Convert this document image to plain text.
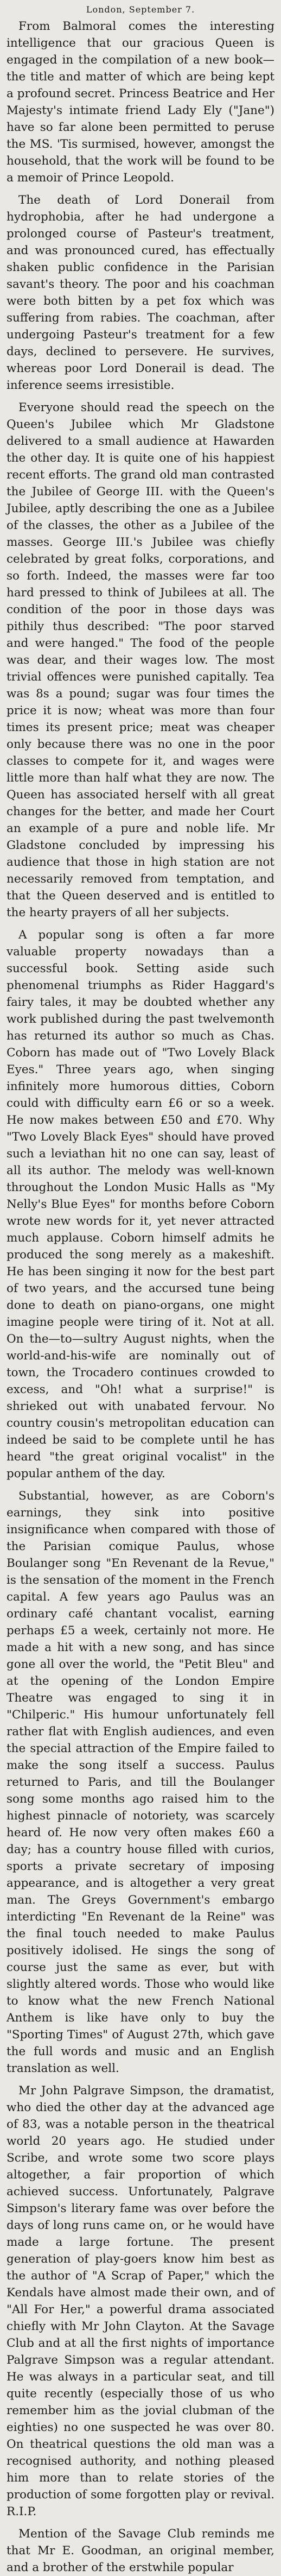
London, September 7.

From Balmoral comes the interesting intelligence that our gracious Queen is engaged in the compilation of a new book—the title and matter of which are being kept a profound secret. Princess Beatrice and Her Majesty's intimate friend Lady Ely ("Jane") have so far alone been permitted to peruse the MS. 'Tis surmised, however, amongst the household, that the work will be found to be a memoir of Prince Leopold.

The death of Lord Donerail from hydrophobia, after he had undergone a prolonged course of Pasteur's treatment, and was pronounced cured, has effectually shaken public confidence in the Parisian savant's theory. The poor and his coachman were both bitten by a pet fox which was suffering from rabies. The coachman, after undergoing Pasteur's treatment for a few days, declined to persevere. He survives, whereas poor Lord Donerail is dead. The inference seems irresistible.

Everyone should read the speech on the Queen's Jubilee which Mr Gladstone delivered to a small audience at Hawarden the other day. It is quite one of his happiest recent efforts. The grand old man contrasted the Jubilee of George III. with the Queen's Jubilee, aptly describing the one as a Jubilee of the classes, the other as a Jubilee of the masses. George III.'s Jubilee was chiefly celebrated by great folks, corporations, and so forth. Indeed, the masses were far too hard pressed to think of Jubilees at all. The condition of the poor in those days was pithily thus described: "The poor starved and were hanged." The food of the people was dear, and their wages low. The most trivial offences were punished capitally. Tea was 8s a pound; sugar was four times the price it is now; wheat was more than four times its present price; meat was cheaper only because there was no one in the poor classes to compete for it, and wages were little more than half what they are now. The Queen has associated herself with all great changes for the better, and made her Court an example of a pure and noble life. Mr Gladstone concluded by impressing his audience that those in high station are not necessarily removed from temptation, and that the Queen deserved and is entitled to the hearty prayers of all her subjects.

A popular song is often a far more valuable property nowadays than a successful book. Setting aside such phenomenal triumphs as Rider Haggard's fairy tales, it may be doubted whether any work published during the past twelvemonth has returned its author so much as Chas. Coborn has made out of "Two Lovely Black Eyes." Three years ago, when singing infinitely more humorous ditties, Coborn could with difficulty earn £6 or so a week. He now makes between £50 and £70. Why "Two Lovely Black Eyes" should have proved such a leviathan hit no one can say, least of all its author. The melody was well-known throughout the London Music Halls as "My Nelly's Blue Eyes" for months before Coborn wrote new words for it, yet never attracted much applause. Coborn himself admits he produced the song merely as a makeshift. He has been singing it now for the best part of two years, and the accursed tune being done to death on piano-organs, one might imagine people were tiring of it. Not at all. On the—to—sultry August nights, when the world-and-his-wife are nominally out of town, the Trocadero continues crowded to excess, and "Oh! what a surprise!" is shrieked out with unabated fervour. No country cousin's metropolitan education can indeed be said to be complete until he has heard "the great original vocalist" in the popular anthem of the day.

Substantial, however, as are Coborn's earnings, they sink into positive insignificance when compared with those of the Parisian comique Paulus, whose Boulanger song "En Revenant de la Revue," is the sensation of the moment in the French capital. A few years ago Paulus was an ordinary café chantant vocalist, earning perhaps £5 a week, certainly not more. He made a hit with a new song, and has since gone all over the world, the "Petit Bleu" and at the opening of the London Empire Theatre was engaged to sing it in "Chilperic." His humour unfortunately fell rather flat with English audiences, and even the special attraction of the Empire failed to make the song itself a success. Paulus returned to Paris, and till the Boulanger song some months ago raised him to the highest pinnacle of notoriety, was scarcely heard of. He now very often makes £60 a day; has a country house filled with curios, sports a private secretary of imposing appearance, and is altogether a very great man. The Greys Government's embargo interdicting "En Revenant de la Reine" was the final touch needed to make Paulus positively idolised. He sings the song of course just the same as ever, but with slightly altered words. Those who would like to know what the new French National Anthem is like have only to buy the "Sporting Times" of August 27th, which gave the full words and music and an English translation as well.

Mr John Palgrave Simpson, the dramatist, who died the other day at the advanced age of 83, was a notable person in the theatrical world 20 years ago. He studied under Scribe, and wrote some two score plays altogether, a fair proportion of which achieved success. Unfortunately, Palgrave Simpson's literary fame was over before the days of long runs came on, or he would have made a large fortune. The present generation of play-goers know him best as the author of "A Scrap of Paper," which the Kendals have almost made their own, and of "All For Her," a powerful drama associated chiefly with Mr John Clayton. At the Savage Club and at all the first nights of importance Palgrave Simpson was a regular attendant. He was always in a particular seat, and till quite recently (especially those of us who remember him as the jovial clubman of the eighties) no one suspected he was over 80. On theatrical questions the old man was a recognised authority, and nothing pleased him more than to relate stories of the production of some forgotten play or revival. R.I.P.

Mention of the Savage Club reminds me that Mr E. Goodman, an original member, and a brother of the erstwhile popular
